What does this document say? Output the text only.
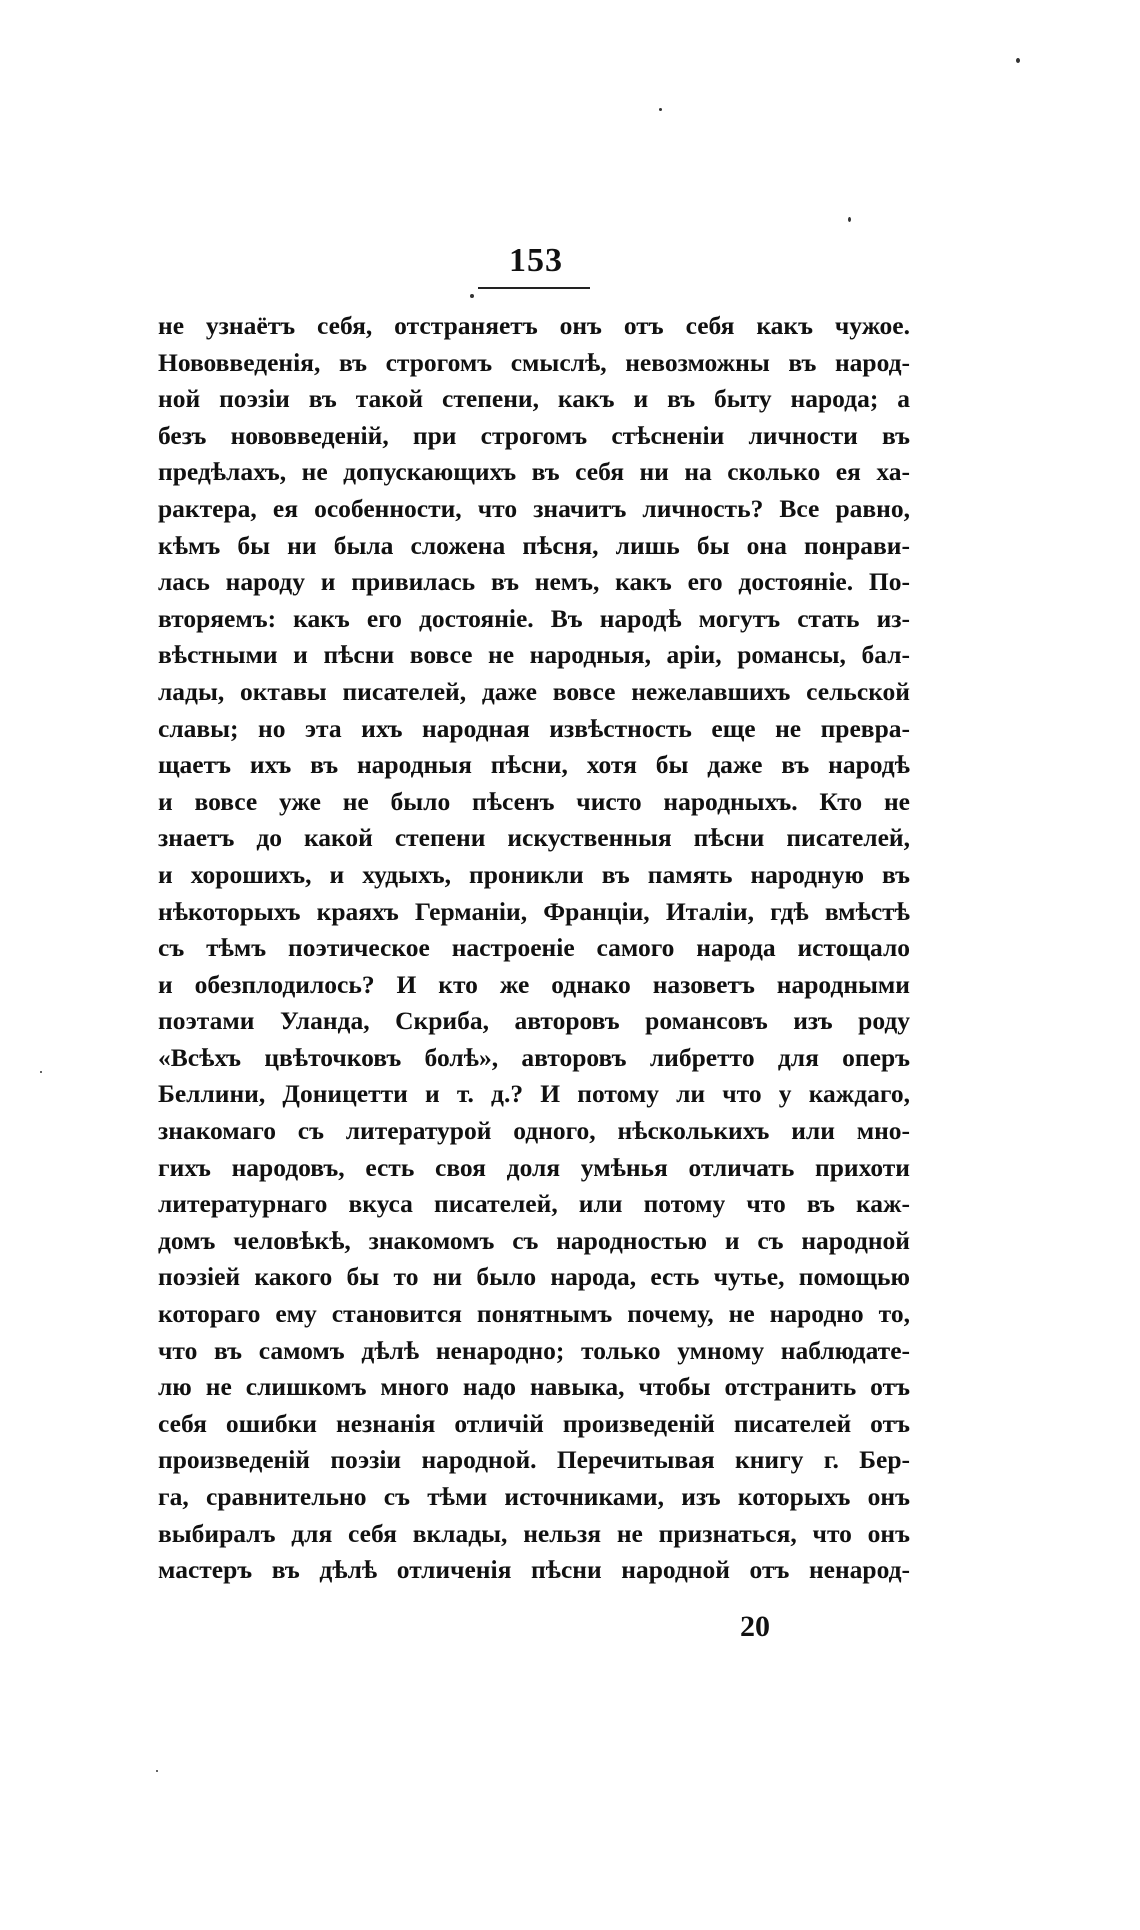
153
не узнаётъ себя, отстраняетъ онъ отъ себя какъ чужое.
Нововведенія, въ строгомъ смыслѣ, невозможны въ народ-
ной поэзіи въ такой степени, какъ и въ быту народа; а
безъ нововведеній, при строгомъ стѣсненіи личности въ
предѣлахъ, не допускающихъ въ себя ни на сколько ея ха-
рактера, ея особенности, что значитъ личность? Все равно,
кѣмъ бы ни была сложена пѣсня, лишь бы она понрави-
лась народу и привилась въ немъ, какъ его достояніе. По-
вторяемъ: какъ его достояніе. Въ народѣ могутъ стать из-
вѣстными и пѣсни вовсе не народныя, аріи, романсы, бал-
лады, октавы писателей, даже вовсе нежелавшихъ сельской
славы; но эта ихъ народная извѣстность еще не превра-
щаетъ ихъ въ народныя пѣсни, хотя бы даже въ народѣ
и вовсе уже не было пѣсенъ чисто народныхъ. Кто не
знаетъ до какой степени искуственныя пѣсни писателей,
и хорошихъ, и худыхъ, проникли въ память народную въ
нѣкоторыхъ краяхъ Германіи, Франціи, Италіи, гдѣ вмѣстѣ
съ тѣмъ поэтическое настроеніе самого народа истощало
и обезплодилось? И кто же однако назоветъ народными
поэтами Уланда, Скриба, авторовъ романсовъ изъ роду
«Всѣхъ цвѣточковъ болѣ», авторовъ либретто для оперъ
Беллини, Доницетти и т. д.? И потому ли что у каждаго,
знакомаго съ литературой одного, нѣсколькихъ или мно-
гихъ народовъ, есть своя доля умѣнья отличать прихоти
литературнаго вкуса писателей, или потому что въ каж-
домъ человѣкѣ, знакомомъ съ народностью и съ народной
поэзіей какого бы то ни было народа, есть чутье, помощью
котораго ему становится понятнымъ почему, не народно то,
что въ самомъ дѣлѣ ненародно; только умному наблюдате-
лю не слишкомъ много надо навыка, чтобы отстранить отъ
себя ошибки незнанія отличій произведеній писателей отъ
произведеній поэзіи народной. Перечитывая книгу г. Бер-
га, сравнительно съ тѣми источниками, изъ которыхъ онъ
выбиралъ для себя вклады, нельзя не признаться, что онъ
мастеръ въ дѣлѣ отличенія пѣсни народной отъ ненарод-
20
